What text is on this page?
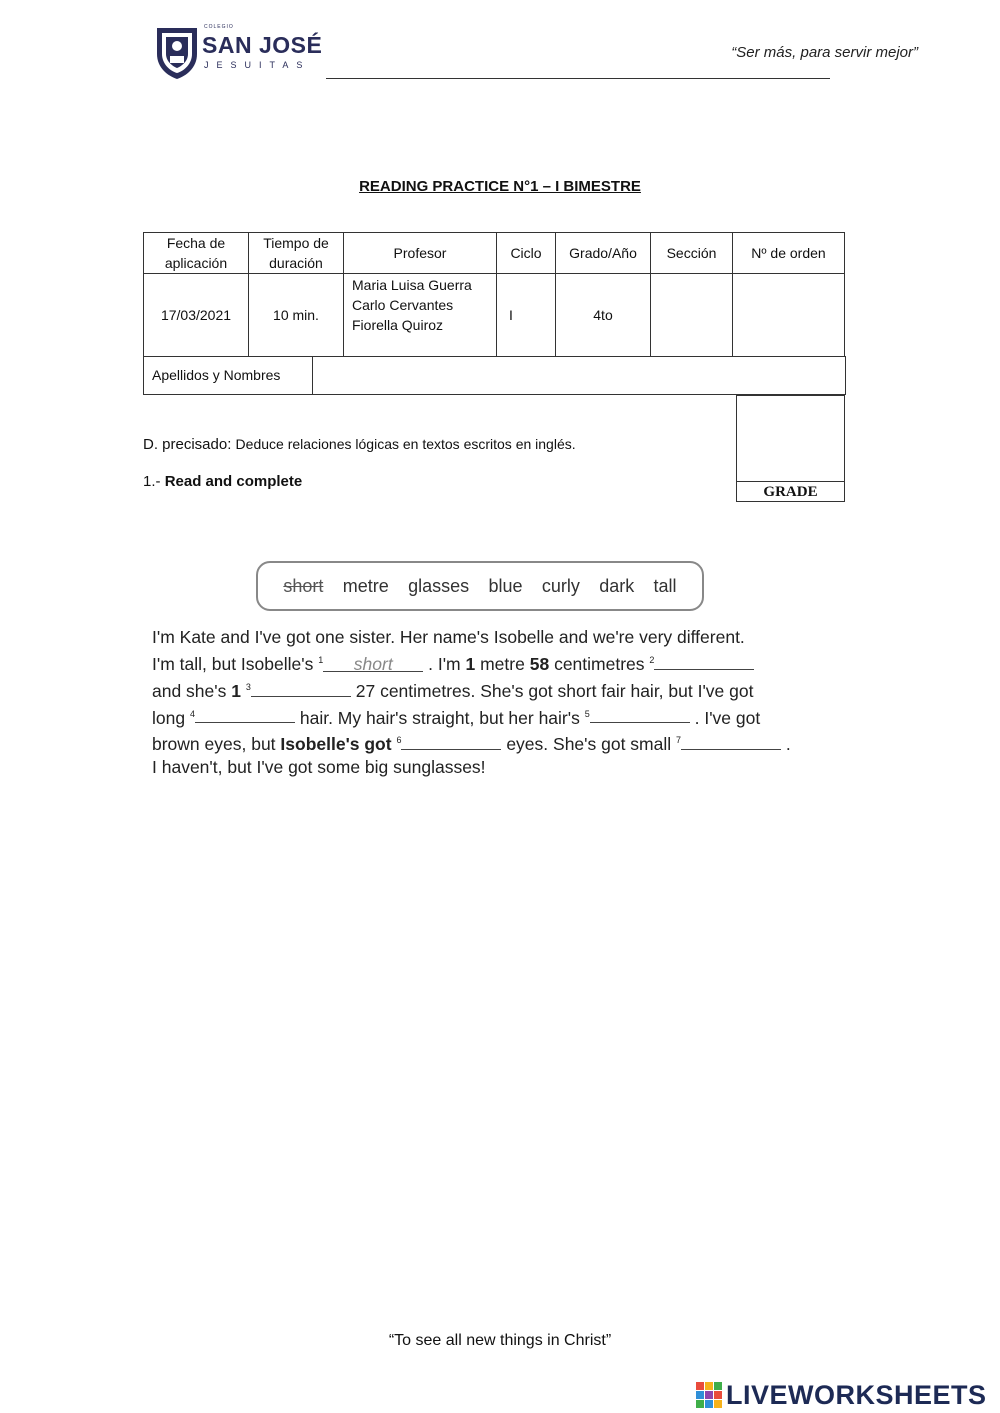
COLEGIO
SAN JOSÉ
JESUITAS
“Ser más, para servir mejor”
READING PRACTICE N°1 – I BIMESTRE
Fecha de aplicación	Tiempo de duración	Profesor	Ciclo	Grado/Año	Sección	Nº de orden
17/03/2021	10 min.	Maria Luisa Guerra
Carlo Cervantes
Fiorella Quiroz	I	4to		
Apellidos y Nombres
GRADE
D. precisado: Deduce relaciones lógicas en textos escritos en inglés.
1.- Read and complete
short metre glasses blue curly dark tall
I'm Kate and I've got one sister. Her name's Isobelle and we're very different.
I'm tall, but Isobelle's $^1$ short . I'm 1 metre 58 centimetres $^2$
and she's 1 $^3$	27 centimetres. She's got short fair hair, but I've got
long $^4$	hair. My hair's straight, but her hair's $^5$	. I've got
brown eyes, but Isobelle's got $^6$	eyes. She's got small $^7$	.
I haven't, but I've got some big sunglasses!
“To see all new things in Christ”
LIVEWORKSHEETS
